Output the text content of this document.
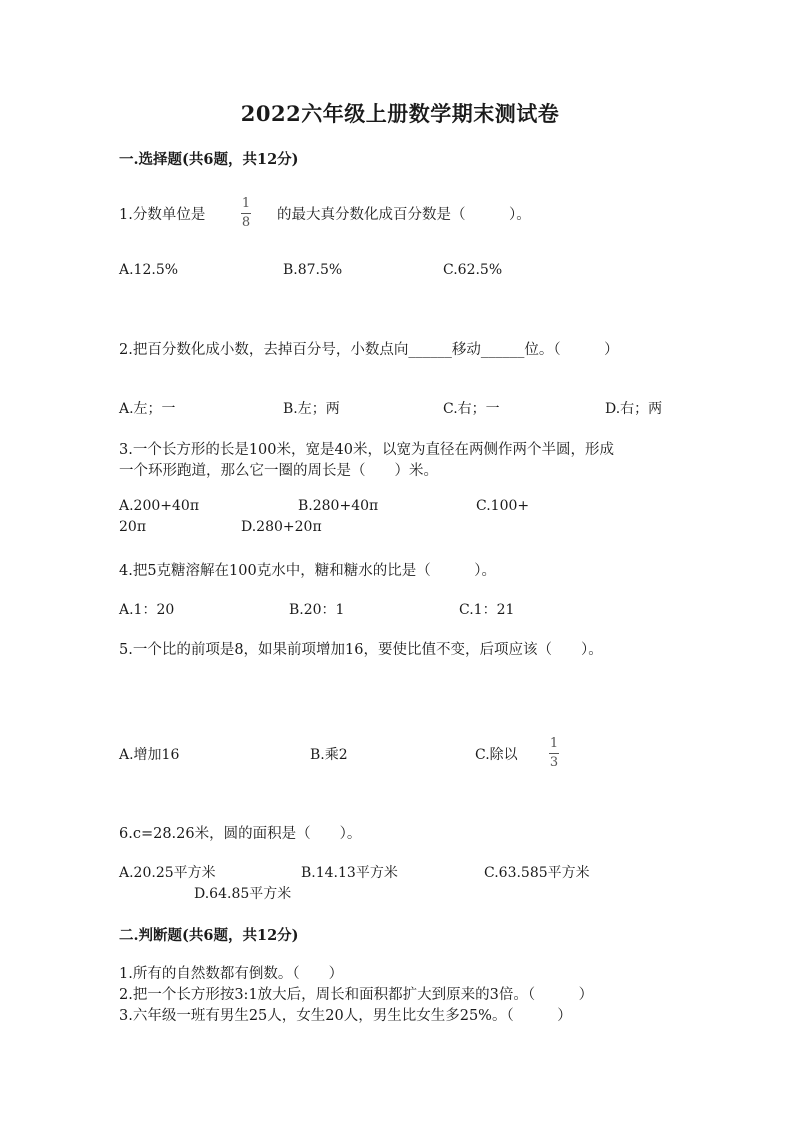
2022六年级上册数学期末测试卷
一.选择题(共6题，共12分)
1.分数单位是
1
8 的最大真分数化成百分数是（　　　）。
A.12.5%	B.87.5%	C.62.5%
2.把百分数化成小数，去掉百分号，小数点向______移动______位。（　　　）
A.左；一	B.左；两	C.右；一	D.右；两
3.一个长方形的长是100米，宽是40米，以宽为直径在两侧作两个半圆，形成
一个环形跑道，那么它一圈的周长是（　　）米。
A.200+40π	B.280+40π	C.100+
20π	D.280+20π
4.把5克糖溶解在100克水中，糖和糖水的比是（　　　）。
A.1：20	B.20：1	C.1：21
5.一个比的前项是8，如果前项增加16，要使比值不变，后项应该（　　）。
A.增加16	B.乘2	C.除以
1
3
6.c=28.26米，圆的面积是（　　）。
A.20.25平方米	B.14.13平方米	C.63.585平方米
D.64.85平方米
二.判断题(共6题，共12分)
1.所有的自然数都有倒数。（　　）
2.把一个长方形按3:1放大后，周长和面积都扩大到原来的3倍。（　　　）
3.六年级一班有男生25人，女生20人，男生比女生多25%。（　　　）
